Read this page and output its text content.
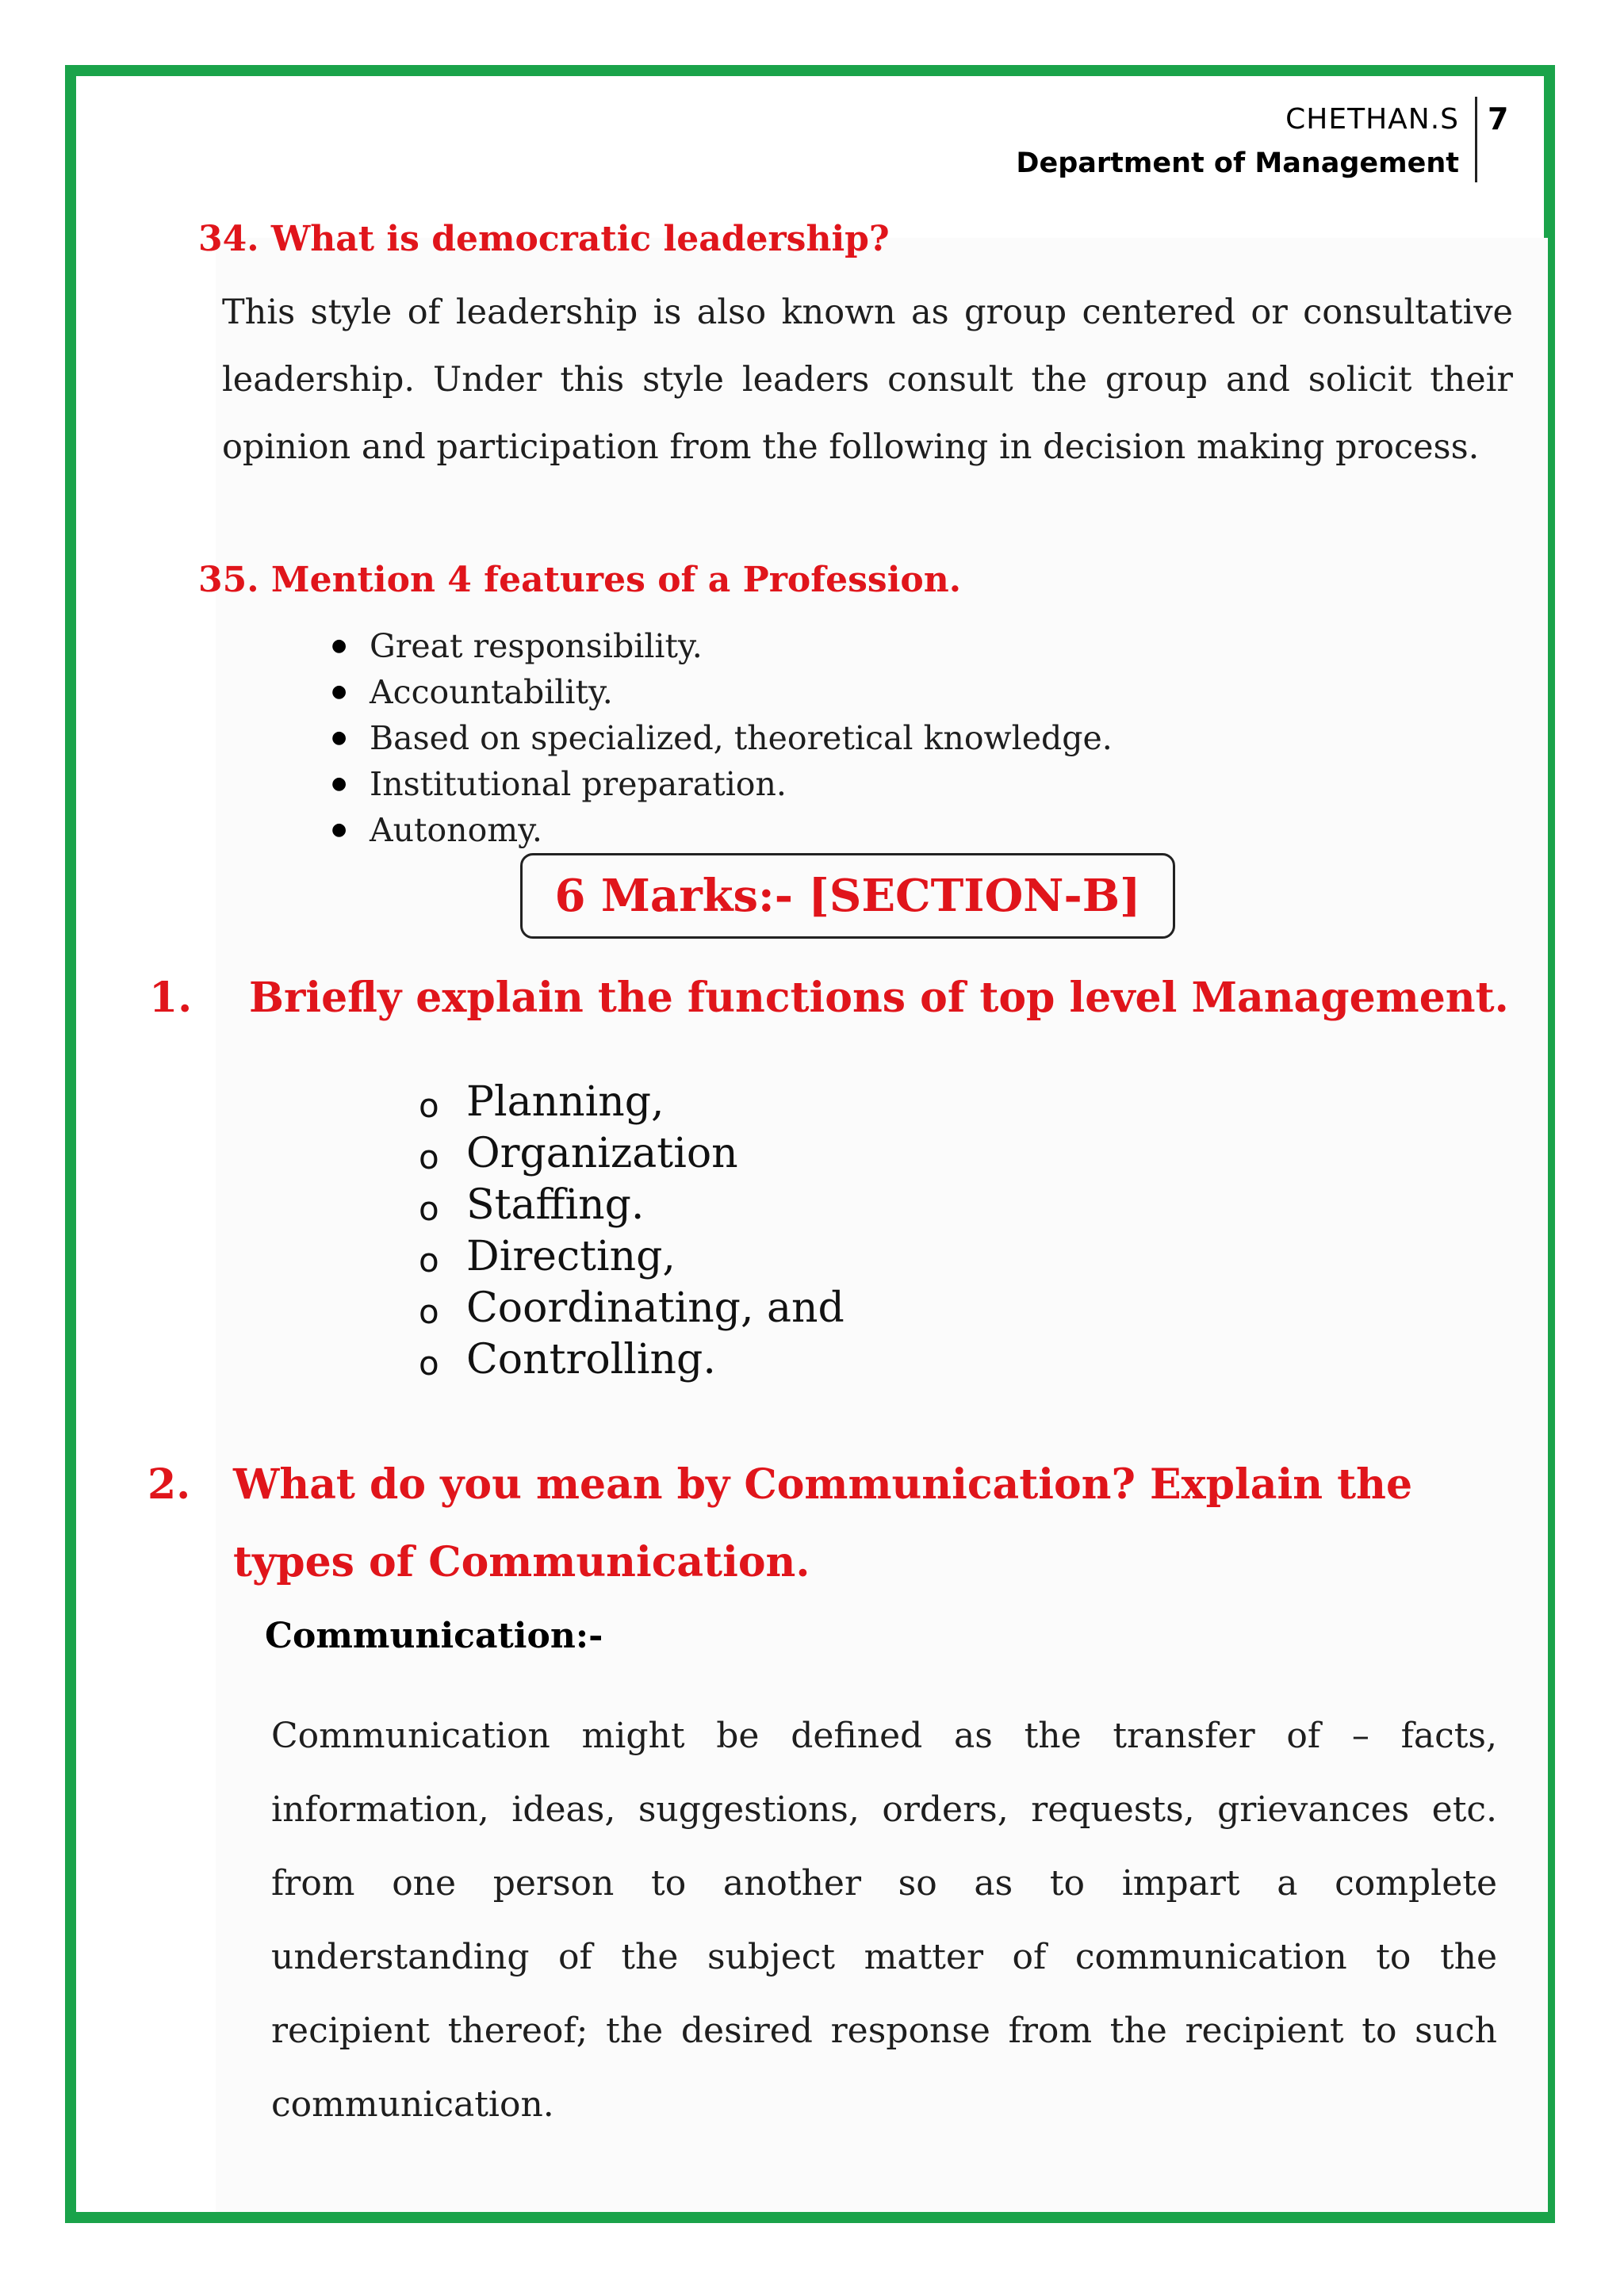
CHETHAN.S
Department of Management
7
34. What is democratic leadership?
This style of leadership is also known as group centered or consultative leadership. Under this style leaders consult the group and solicit their opinion and participation from the following in decision making process.
35. Mention 4 features of a Profession.
● Great responsibility.
● Accountability.
● Based on specialized, theoretical knowledge.
● Institutional preparation.
● Autonomy.
6 Marks:- [SECTION-B]
1. Briefly explain the functions of top level Management.
o Planning,
o Organization
o Staffing.
o Directing,
o Coordinating, and
o Controlling.
2. What do you mean by Communication? Explain the
types of Communication.
Communication:-
Communication might be defined as the transfer of – facts, information, ideas, suggestions, orders, requests, grievances etc. from one person to another so as to impart a complete understanding of the subject matter of communication to the recipient thereof; the desired response from the recipient to such communication.
